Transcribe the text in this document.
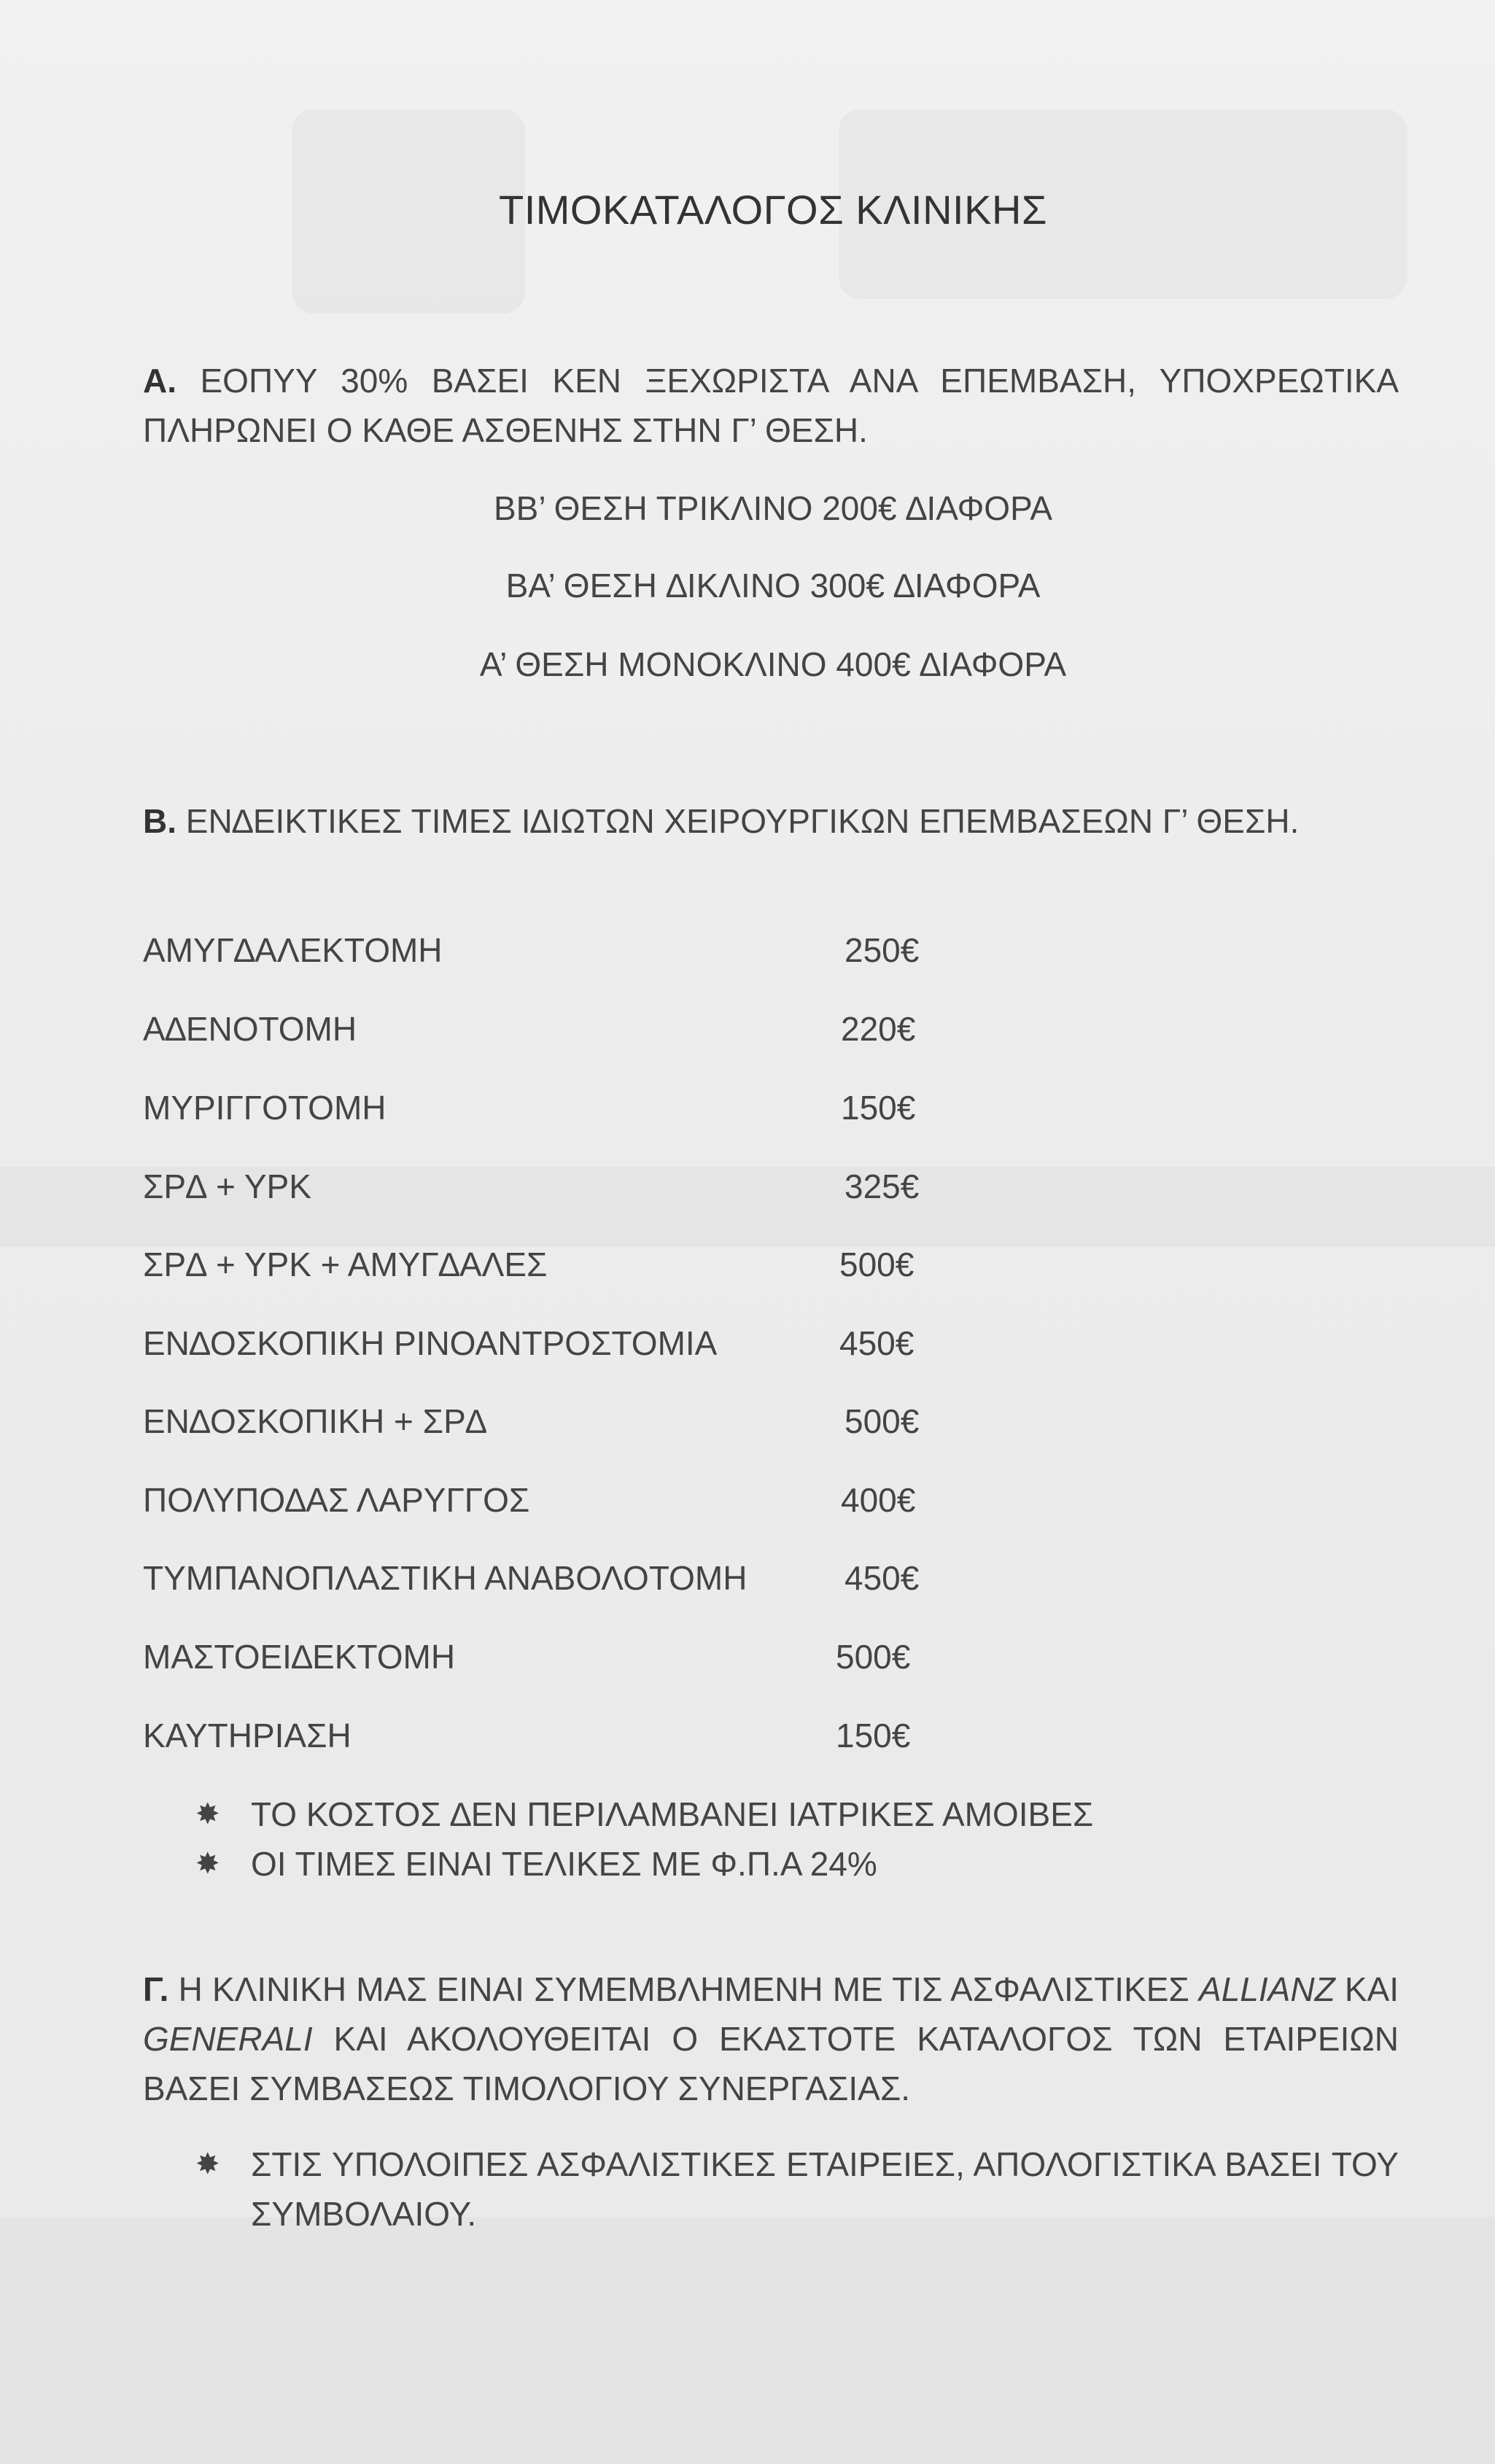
ΤΙΜΟΚΑΤΑΛΟΓΟΣ ΚΛΙΝΙΚΗΣ
Α. ΕΟΠΥΥ 30% ΒΑΣΕΙ ΚΕΝ ΞΕΧΩΡΙΣΤΑ ΑΝΑ ΕΠΕΜΒΑΣΗ, ΥΠΟΧΡΕΩΤΙΚΑ ΠΛΗΡΩΝΕΙ Ο ΚΑΘΕ ΑΣΘΕΝΗΣ ΣΤΗΝ Γ’ ΘΕΣΗ.
ΒΒ’ ΘΕΣΗ ΤΡΙΚΛΙΝΟ 200€ ∆ΙΑΦΟΡΑ
ΒΑ’ ΘΕΣΗ ∆ΙΚΛΙΝΟ 300€ ∆ΙΑΦΟΡΑ
Α’ ΘΕΣΗ ΜΟΝΟΚΛΙΝΟ 400€ ∆ΙΑΦΟΡΑ
Β. ΕΝ∆ΕΙΚΤΙΚΕΣ ΤΙΜΕΣ Ι∆ΙΩΤΩΝ ΧΕΙΡΟΥΡΓΙΚΩΝ ΕΠΕΜΒΑΣΕΩΝ Γ’ ΘΕΣΗ.
ΑΜΥΓ∆ΑΛΕΚΤΟΜΗ	250€
Α∆ΕΝΟΤΟΜΗ	220€
ΜΥΡΙΓΓΟΤΟΜΗ	150€
ΣΡ∆ + ΥΡΚ	325€
ΣΡ∆ + ΥΡΚ + ΑΜΥΓ∆ΑΛΕΣ	500€
ΕΝ∆ΟΣΚΟΠΙΚΗ ΡΙΝΟΑΝΤΡΟΣΤΟΜΙΑ	450€
ΕΝ∆ΟΣΚΟΠΙΚΗ + ΣΡ∆	500€
ΠΟΛΥΠΟ∆ΑΣ ΛΑΡΥΓΓΟΣ	400€
ΤΥΜΠΑΝΟΠΛΑΣΤΙΚΗ ΑΝΑΒΟΛΟΤΟΜΗ	450€
ΜΑΣΤΟΕΙ∆ΕΚΤΟΜΗ	500€
ΚΑΥΤΗΡΙΑΣΗ	150€
✸ ΤΟ ΚΟΣΤΟΣ ∆ΕΝ ΠΕΡΙΛΑΜΒΑΝΕΙ ΙΑΤΡΙΚΕΣ ΑΜΟΙΒΕΣ
✸ ΟΙ ΤΙΜΕΣ ΕΙΝΑΙ ΤΕΛΙΚΕΣ ΜΕ Φ.Π.Α 24%
Γ. Η ΚΛΙΝΙΚΗ ΜΑΣ ΕΙΝΑΙ ΣΥΜΕΜΒΛΗΜΕΝΗ ΜΕ ΤΙΣ ΑΣΦΑΛΙΣΤΙΚΕΣ ALLIANZ ΚΑΙ GENERALI ΚΑΙ ΑΚΟΛΟΥΘΕΙΤΑΙ Ο ΕΚΑΣΤΟΤΕ ΚΑΤΑΛΟΓΟΣ ΤΩΝ ΕΤΑΙΡΕΙΩΝ ΒΑΣΕΙ ΣΥΜΒΑΣΕΩΣ ΤΙΜΟΛΟΓΙΟΥ ΣΥΝΕΡΓΑΣΙΑΣ.
✸ ΣΤΙΣ ΥΠΟΛΟΙΠΕΣ ΑΣΦΑΛΙΣΤΙΚΕΣ ΕΤΑΙΡΕΙΕΣ, ΑΠΟΛΟΓΙΣΤΙΚΑ ΒΑΣΕΙ ΤΟΥ ΣΥΜΒΟΛΑΙΟΥ.
